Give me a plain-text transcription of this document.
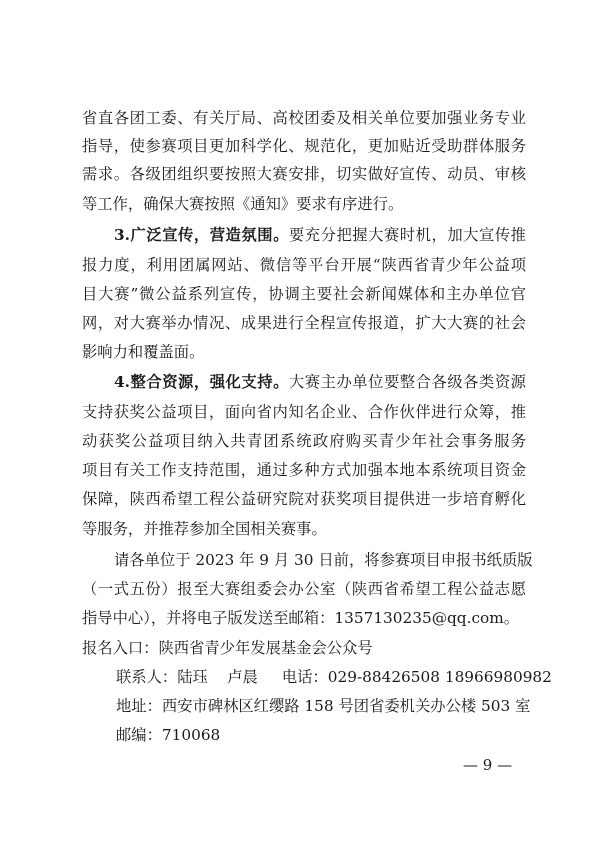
省直各团工委、有关厅局、高校团委及相关单位要加强业务专业
指导，使参赛项目更加科学化、规范化，更加贴近受助群体服务
需求。各级团组织要按照大赛安排，切实做好宣传、动员、审核
等工作，确保大赛按照《通知》要求有序进行。
3.广泛宣传，营造氛围。要充分把握大赛时机，加大宣传推
报力度，利用团属网站、微信等平台开展“陕西省青少年公益项
目大赛”微公益系列宣传，协调主要社会新闻媒体和主办单位官
网，对大赛举办情况、成果进行全程宣传报道，扩大大赛的社会
影响力和覆盖面。
4.整合资源，强化支持。大赛主办单位要整合各级各类资源
支持获奖公益项目，面向省内知名企业、合作伙伴进行众筹，推
动获奖公益项目纳入共青团系统政府购买青少年社会事务服务
项目有关工作支持范围，通过多种方式加强本地本系统项目资金
保障，陕西希望工程公益研究院对获奖项目提供进一步培育孵化
等服务，并推荐参加全国相关赛事。
请各单位于 2023 年 9 月 30 日前，将参赛项目申报书纸质版
（一式五份）报至大赛组委会办公室（陕西省希望工程公益志愿
指导中心），并将电子版发送至邮箱：1357130235@qq.com。
报名入口：陕西省青少年发展基金会公众号
联系人：陆珏    卢晨 电话：029-88426508 18966980982
地址：西安市碑林区红缨路 158 号团省委机关办公楼 503 室
邮编：710068
— 9 —
